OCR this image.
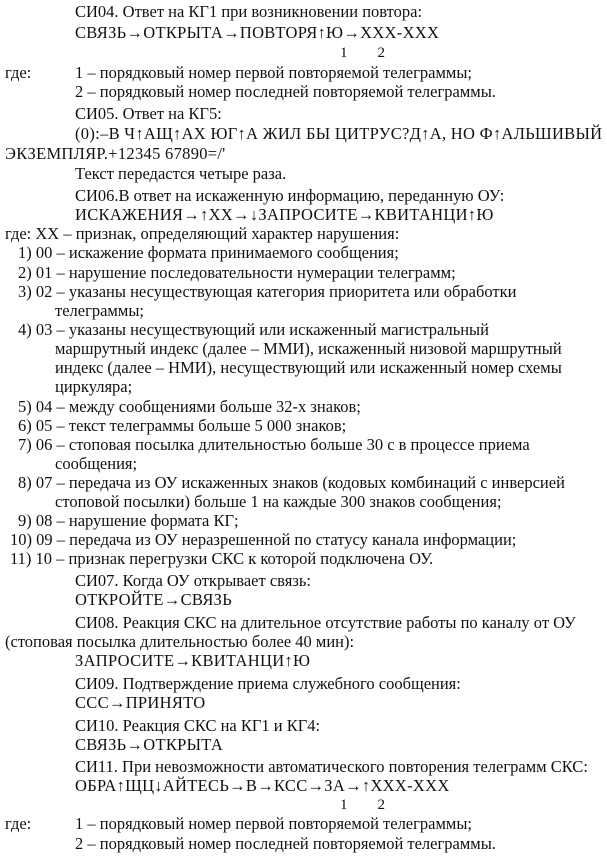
СИ04. Ответ на КГ1 при возникновении повтора:
СВЯЗЬ→ОТКРЫТА→ПОВТОРЯ↑Ю→ХХХ-ХХХ
1        2
где:	1 – порядковый номер первой повторяемой телеграммы;
2 – порядковый номер последней повторяемой телеграммы.
СИ05. Ответ на КГ5:
(0):–В Ч↑АЩ↑АХ ЮГ↑А ЖИЛ БЫ ЦИТРУС?Д↑А, НО Ф↑АЛЬШИВЫЙ
ЭКЗЕМПЛЯР.+12345 67890=/'
Текст передастся четыре раза.
СИ06.В ответ на искаженную информацию, переданную ОУ:
ИСКАЖЕНИЯ→↑ХХ→↓ЗАПРОСИТЕ→КВИТАНЦИ↑Ю
где: XX – признак, определяющий характер нарушения:
1) 00 – искажение формата принимаемого сообщения;
2) 01 – нарушение последовательности нумерации телеграмм;
3) 02 – указаны несуществующая категория приоритета или обработки
телеграммы;
4) 03 – указаны несуществующий или искаженный магистральный
маршрутный индекс (далее – ММИ), искаженный низовой маршрутный
индекс (далее – НМИ), несуществующий или искаженный номер схемы
циркуляра;
5) 04 – между сообщениями больше 32-х знаков;
6) 05 – текст телеграммы больше 5 000 знаков;
7) 06 – стоповая посылка длительностью больше 30 с в процессе приема
сообщения;
8) 07 – передача из ОУ искаженных знаков (кодовых комбинаций с инверсией
стоповой посылки) больше 1 на каждые 300 знаков сообщения;
9) 08 – нарушение формата КГ;
10) 09 – передача из ОУ неразрешенной по статусу канала информации;
11) 10 – признак перегрузки СКС к которой подключена ОУ.
СИ07. Когда ОУ открывает связь:
ОТКРОЙТЕ→СВЯЗЬ
СИ08. Реакция СКС на длительное отсутствие работы по каналу от ОУ
(стоповая посылка длительностью более 40 мин):
ЗАПРОСИТЕ→КВИТАНЦИ↑Ю
СИ09. Подтверждение приема служебного сообщения:
ССС→ПРИНЯТО
СИ10. Реакция СКС на КГ1 и КГ4:
СВЯЗЬ→ОТКРЫТА
СИ11. При невозможности автоматического повторения телеграмм СКС:
ОБРА↑ЩЦ↓АЙТЕСЬ→В→КСС→ЗА→↑ХХХ-ХХХ
1        2
где:	1 – порядковый номер первой повторяемой телеграммы;
2 – порядковый номер последней повторяемой телеграммы.
